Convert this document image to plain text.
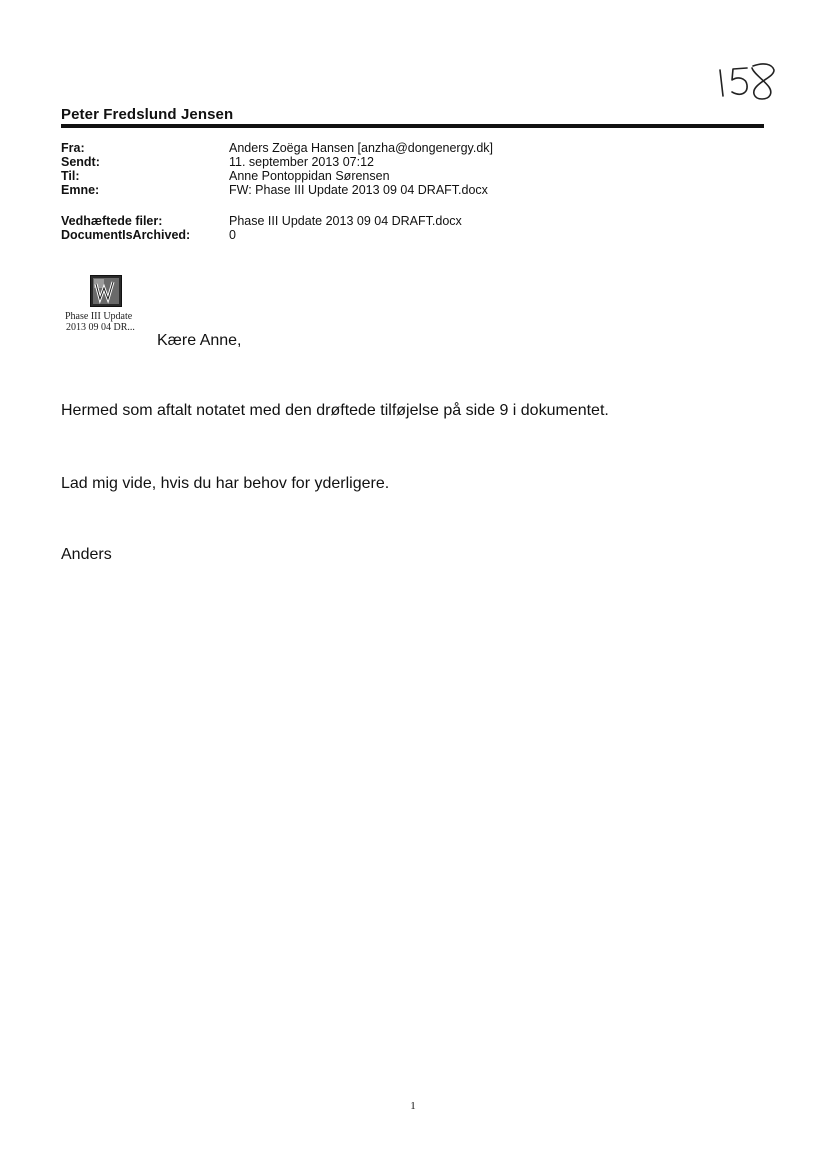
Peter Fredslund Jensen
Fra:	Anders Zoëga Hansen [anzha@dongenergy.dk]
Sendt:	11. september 2013 07:12
Til:	Anne Pontoppidan Sørensen
Emne:	FW: Phase III Update 2013 09 04 DRAFT.docx
Vedhæftede filer:	Phase III Update 2013 09 04 DRAFT.docx
DocumentIsArchived:	0
Phase III Update
2013 09 04 DR...
Kære Anne,
Hermed som aftalt notatet med den drøftede tilføjelse på side 9 i dokumentet.
Lad mig vide, hvis du har behov for yderligere.
Anders
1
